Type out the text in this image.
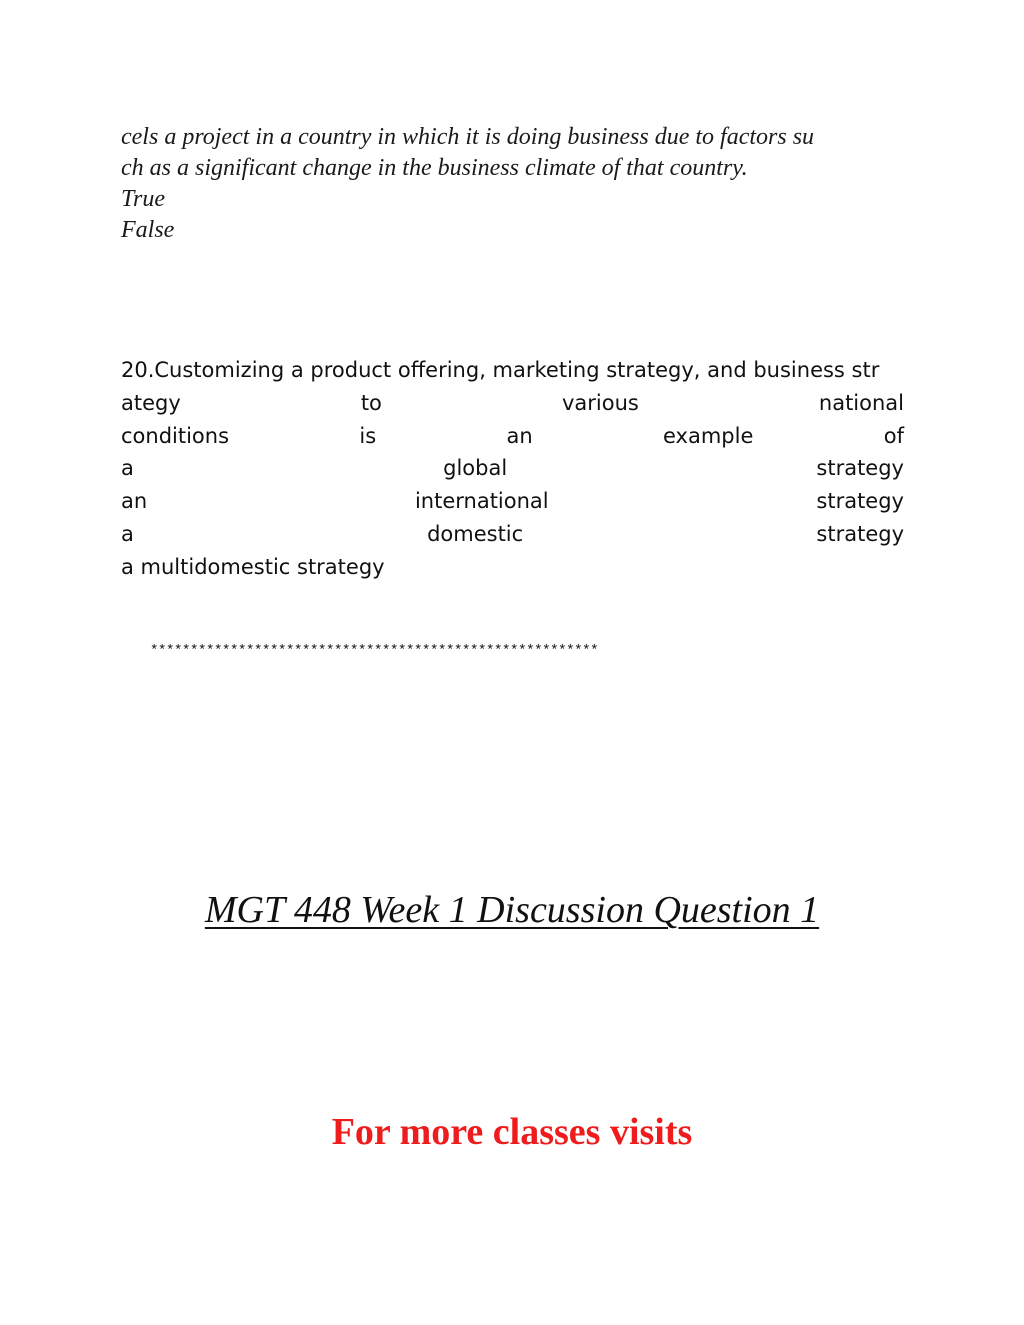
cels a project in a country in which it is doing business due to factors su
ch as a significant change in the business climate of that country.
True
False
20.Customizing a product offering, marketing strategy, and business str
ategy	to	various	national
conditions	is	an	example	of
a	global	strategy
an	international	strategy
a	domestic	strategy
a multidomestic strategy
********************************************************
MGT 448 Week 1 Discussion Question 1
For more classes visits
